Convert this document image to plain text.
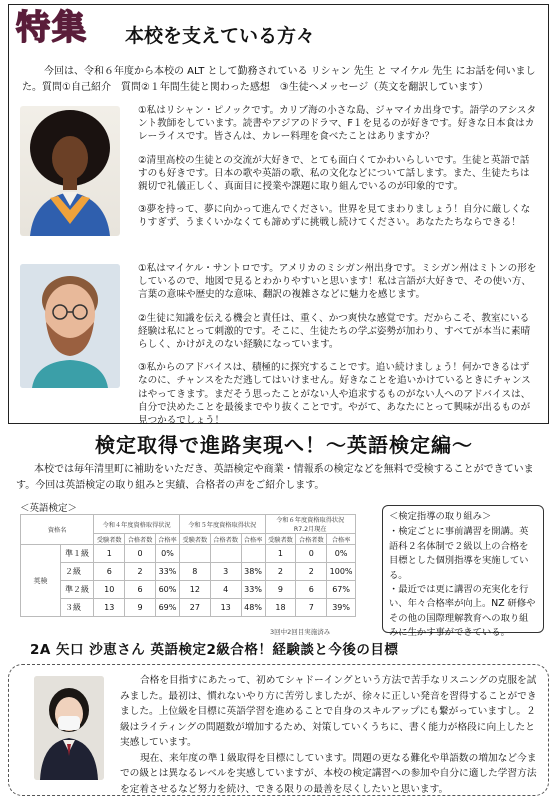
特集 本校を支えている方々

今回は、令和６年度から本校の ALT として勤務されている リシャン 先生 と マイケル 先生 にお話を伺いました。質問①自己紹介　質問②１年間生徒と関わった感想　③生徒へメッセージ（英文を翻訳しています）

①私はリシャン・ピノックです。カリブ海の小さな島、ジャマイカ出身です。語学のアシスタント教師をしています。読書やアジアのドラマ、F１を見るのが好きです。好きな日本食はカレーライスです。皆さんは、カレー料理を食べたことはありますか？

②清里高校の生徒との交流が大好きで、とても面白くてかわいらしいです。生徒と英語で話すのも好きです。日本の歌や英語の歌、私の文化などについて話します。また、生徒たちは親切で礼儀正しく、真面目に授業や課題に取り組んでいるのが印象的です。

③夢を持って、夢に向かって進んでください。世界を見てまわりましょう！自分に厳しくなりすぎず、うまくいかなくても諦めずに挑戦し続けてください。あなたたちならできる！

①私はマイケル・サントロです。アメリカのミシガン州出身です。ミシガン州はミトンの形をしているので、地図で見るとわかりやすいと思います！私は言語が大好きで、その使い方、言葉の意味や歴史的な意味、翻訳の複雑さなどに魅力を感じます。

②生徒に知識を伝える機会と責任は、重く、かつ爽快な感覚です。だからこそ、教室にいる経験は私にとって刺激的です。そこに、生徒たちの学ぶ姿勢が加わり、すべてが本当に素晴らしく、かけがえのない経験になっています。

③私からのアドバイスは、積極的に探究することです。追い続けましょう！何かできるはずなのに、チャンスをただ逃してはいけません。好きなことを追いかけているときにチャンスはやってきます。まだそう思ったことがない人や追求するものがない人へのアドバイスは、自分で決めたことを最後までやり抜くことです。やがて、あなたにとって興味が出るものが見つかるでしょう！

検定取得で進路実現へ！～英語検定編～

本校では毎年清里町に補助をいただき、英語検定や商業・情報系の検定などを無料で受検することができています。今回は英語検定の取り組みと実績、合格者の声をご紹介します。

＜英語検定＞
資格名		令和４年度資格取得状況			令和５年度資格取得状況			令和６年度資格取得状況
R7.2月現在		
		受験者数	合格者数	合格率	受験者数	合格者数	合格率	受験者数	合格者数	合格率
英検	準１級	1	0	0%				1	0	0%
	２級	6	2	33%	8	3	38%	2	2	100%
	準２級	10	6	60%	12	4	33%	9	6	67%
	３級	13	9	69%	27	13	48%	18	7	39%
3回中2回目実施済み
＜検定指導の取り組み＞
・検定ごとに事前講習を開講。英語科２名体制で２級以上の合格を目標とした個別指導を実施している。
・最近では更に講習の充実化を行い、年々合格率が向上。NZ 研修やその他の国際理解教育への取り組みに生かす事ができている。
2A 矢口 沙恵さん 英語検定2級合格！経験談と今後の目標

合格を目指すにあたって、初めてシャドーイングという方法で苦手なリスニングの克服を試みました。最初は、慣れないやり方に苦労しましたが、徐々に正しい発音を習得することができました。上位級を目標に英語学習を進めることで自身のスキルアップにも繋がっていますし。２級はライティングの問題数が増加するため、対策していくうちに、書く能力が格段に向上したと実感しています。

現在、来年度の準１級取得を目標にしています。問題の更なる難化や単語数の増加など今までの級とは異なるレベルを実感していますが、本校の検定講習への参加や自分に適した学習方法を定着させるなど努力を続け、できる限りの最善を尽くしたいと思います。
